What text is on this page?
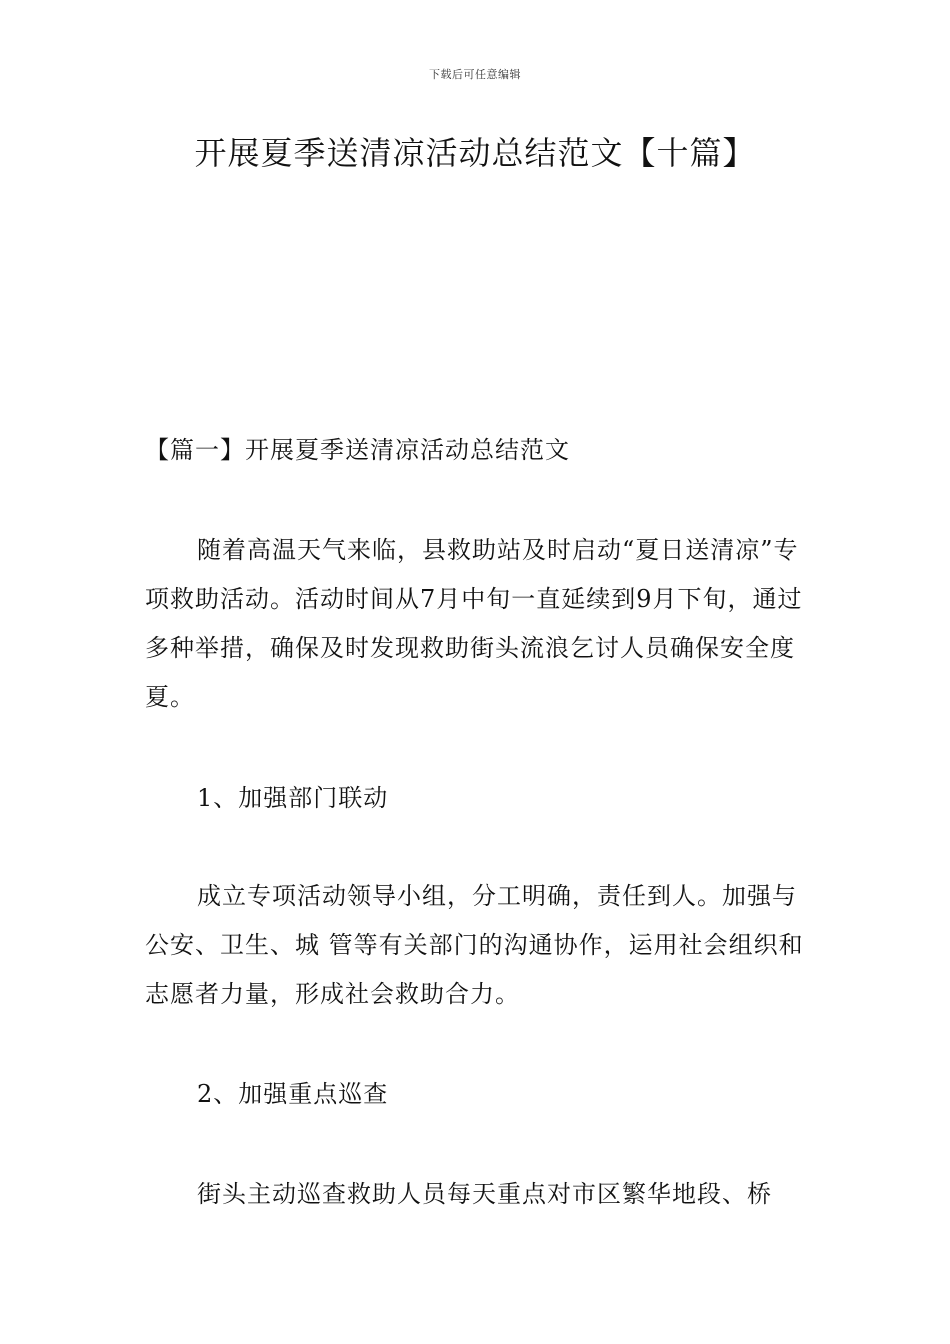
下载后可任意编辑
开展夏季送清凉活动总结范文【十篇】

【篇一】开展夏季送清凉活动总结范文

随着高温天气来临，县救助站及时启动“夏日送清凉”专项救助活动。活动时间从7月中旬一直延续到9月下旬，通过多种举措，确保及时发现救助街头流浪乞讨人员确保安全度夏。

1、加强部门联动

成立专项活动领导小组，分工明确，责任到人。加强与公安、卫生、城 管等有关部门的沟通协作，运用社会组织和志愿者力量，形成社会救助合力。

2、加强重点巡查

街头主动巡查救助人员每天重点对市区繁华地段、桥
